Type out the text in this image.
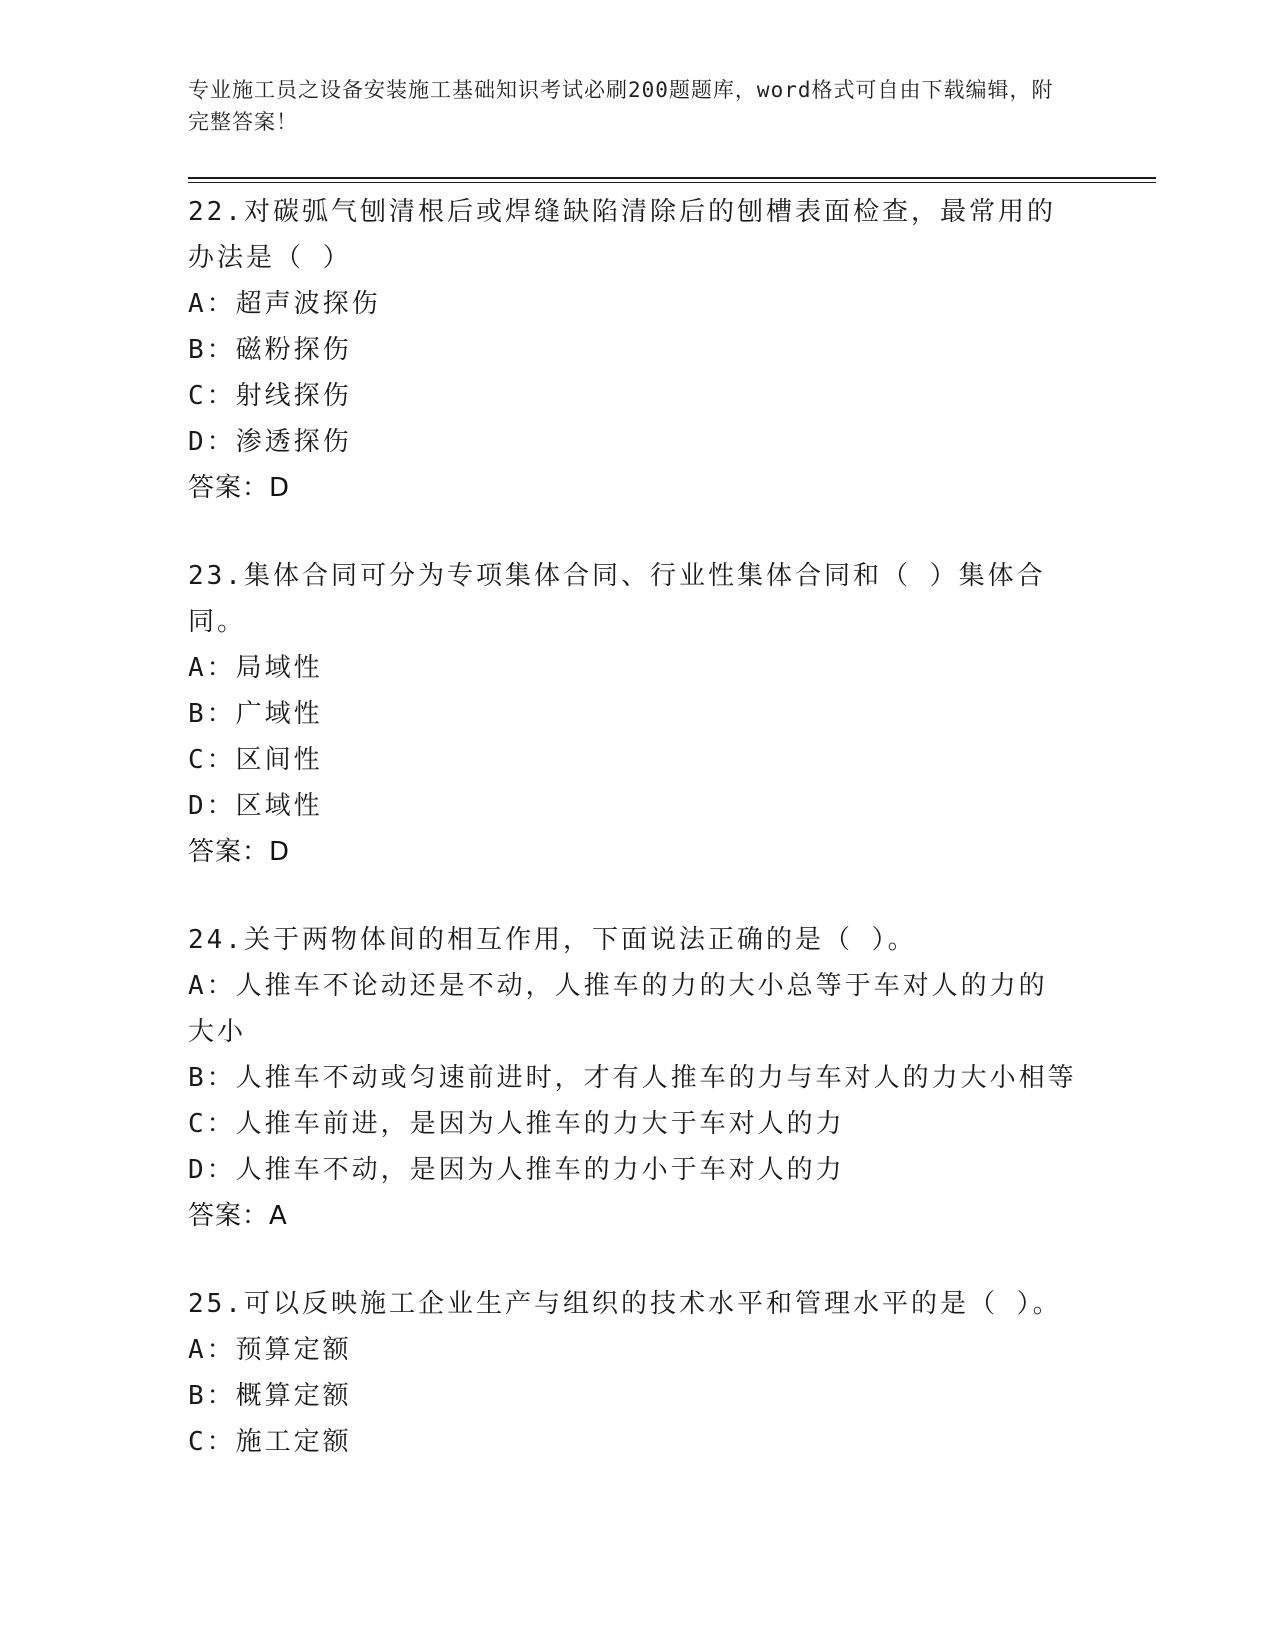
专业施工员之设备安装施工基础知识考试必刷200题题库，word格式可自由下载编辑，附完整答案！
22.对碳弧气刨清根后或焊缝缺陷清除后的刨槽表面检查，最常用的办法是（ ）
A：超声波探伤
B：磁粉探伤
C：射线探伤
D：渗透探伤
答案：D
23.集体合同可分为专项集体合同、行业性集体合同和（ ）集体合同。
A：局域性
B：广域性
C：区间性
D：区域性
答案：D
24.关于两物体间的相互作用，下面说法正确的是（ ）。
A：人推车不论动还是不动，人推车的力的大小总等于车对人的力的大小
B：人推车不动或匀速前进时，才有人推车的力与车对人的力大小相等
C：人推车前进，是因为人推车的力大于车对人的力
D：人推车不动，是因为人推车的力小于车对人的力
答案：A
25.可以反映施工企业生产与组织的技术水平和管理水平的是（ ）。
A：预算定额
B：概算定额
C：施工定额
